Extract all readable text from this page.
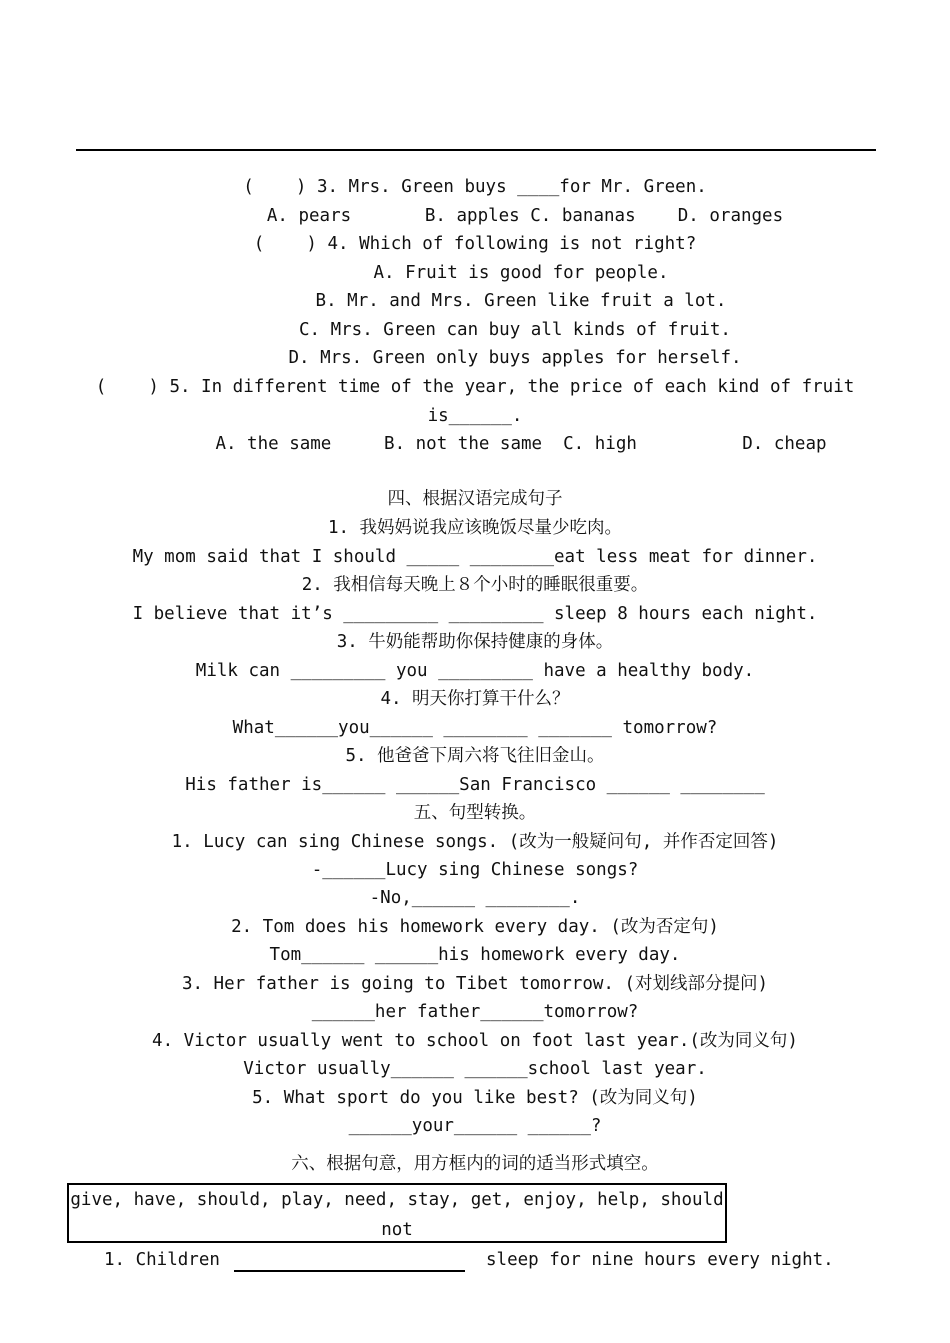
(    ) 3. Mrs. Green buys ____for Mr. Green.
A. pears       B. apples C. bananas    D. oranges
(    ) 4. Which of following is not right?
A. Fruit is good for people.
B. Mr. and Mrs. Green like fruit a lot.
C. Mrs. Green can buy all kinds of fruit.
D. Mrs. Green only buys apples for herself.
(    ) 5. In different time of the year, the price of each kind of fruit
is______.
A. the same     B. not the same  C. high          D. cheap
四、根据汉语完成句子
1. 我妈妈说我应该晚饭尽量少吃肉。
My mom said that I should _____ ________eat less meat for dinner.
2. 我相信每天晚上８个小时的睡眠很重要。
I believe that it’s _________ _________ sleep 8 hours each night.
3. 牛奶能帮助你保持健康的身体。
Milk can _________ you _________ have a healthy body.
4. 明天你打算干什么？
What______you______ ________ _______ tomorrow?
5. 他爸爸下周六将飞往旧金山。
His father is______ ______San Francisco ______ ________
五、句型转换。
1. Lucy can sing Chinese songs. (改为一般疑问句, 并作否定回答)
-______Lucy sing Chinese songs?
-No,______ ________.
2. Tom does his homework every day. (改为否定句)
Tom______ ______his homework every day.
3. Her father is going to Tibet tomorrow. (对划线部分提问)
______her father______tomorrow?
4. Victor usually went to school on foot last year.(改为同义句)
Victor usually______ ______school last year.
5. What sport do you like best? (改为同义句)
______your______ ______?
六、根据句意，用方框内的词的适当形式填空。
give, have, should, play, need, stay, get, enjoy, help, should
not
1. Children	sleep for nine hours every night.
